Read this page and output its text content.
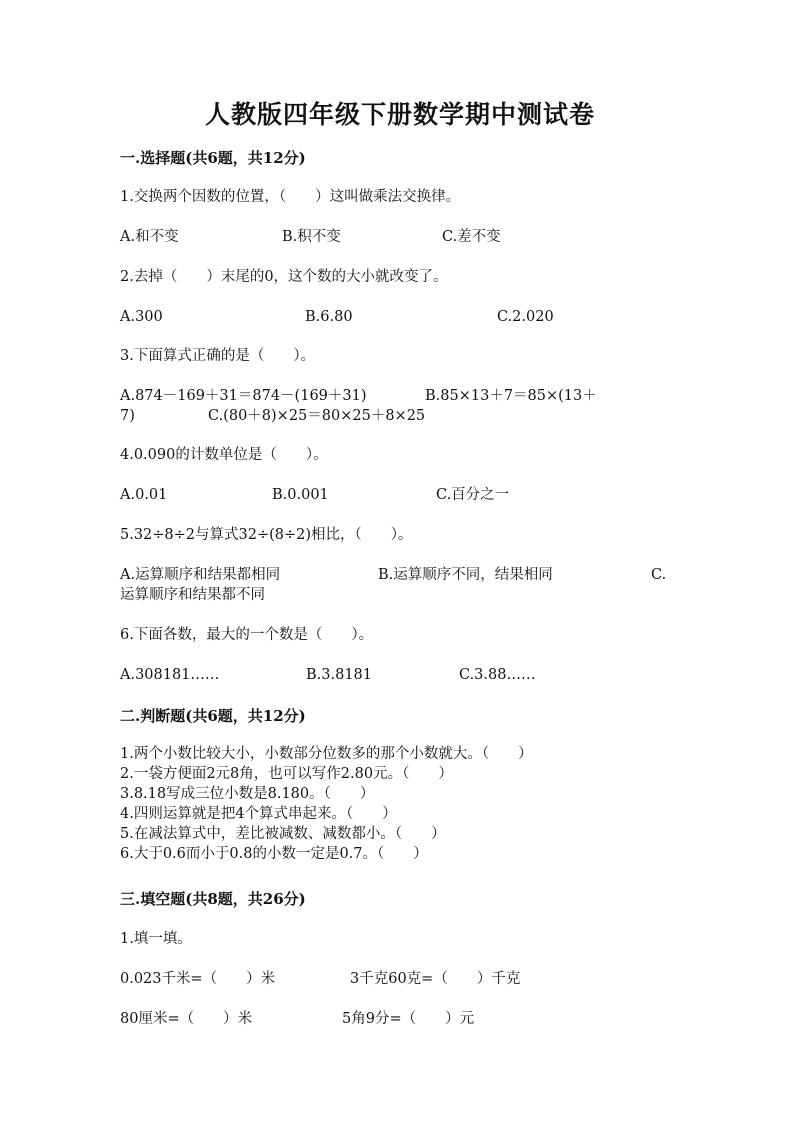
人教版四年级下册数学期中测试卷
一.选择题(共6题，共12分)
1.交换两个因数的位置，（　　）这叫做乘法交换律。
A.和不变	B.积不变	C.差不变
2.去掉（　　）末尾的0，这个数的大小就改变了。
A.300	B.6.80	C.2.020
3.下面算式正确的是（　　）。
A.874－169＋31＝874－(169＋31)	B.85×13＋7＝85×(13＋
7)	C.(80＋8)×25＝80×25＋8×25
4.0.090的计数单位是（　　）。
A.0.01	B.0.001	C.百分之一
5.32÷8÷2与算式32÷(8÷2)相比，（　　）。
A.运算顺序和结果都相同	B.运算顺序不同，结果相同	C.
运算顺序和结果都不同
6.下面各数，最大的一个数是（　　）。
A.308181……	B.3.8181	C.3.88……
二.判断题(共6题，共12分)
1.两个小数比较大小，小数部分位数多的那个小数就大。（　　）
2.一袋方便面2元8角，也可以写作2.80元。（　　）
3.8.18写成三位小数是8.180。（　　）
4.四则运算就是把4个算式串起来。（　　）
5.在减法算式中，差比被减数、减数都小。（　　）
6.大于0.6而小于0.8的小数一定是0.7。（　　）
三.填空题(共8题，共26分)
1.填一填。
0.023千米=（　　）米	3千克60克=（　　）千克
80厘米=（　　）米	5角9分=（　　）元
